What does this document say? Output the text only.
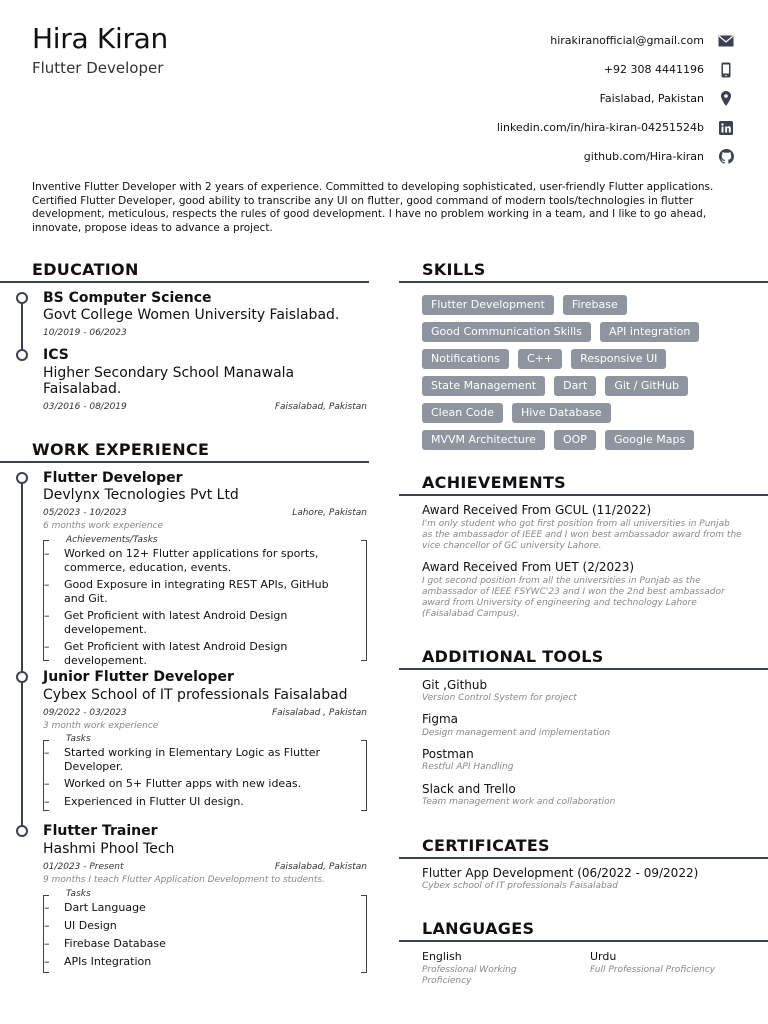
Hira Kiran
Flutter Developer
hirakiranofficial@gmail.com
+92 308 4441196
Faislabad, Pakistan
linkedin.com/in/hira-kiran-04251524b
github.com/Hira-kiran
Inventive Flutter Developer with 2 years of experience. Committed to developing sophisticated, user-friendly Flutter applications. Certified Flutter Developer, good ability to transcribe any UI on flutter, good command of modern tools/technologies in flutter development, meticulous, respects the rules of good development. I have no problem working in a team, and I like to go ahead, innovate, propose ideas to advance a project.
EDUCATION
BS Computer Science
Govt College Women University Faislabad.
10/2019 - 06/2023
ICS
Higher Secondary School Manawala Faisalabad.
03/2016 - 08/2019	Faisalabad, Pakistan
WORK EXPERIENCE
Flutter Developer
Devlynx Tecnologies Pvt Ltd
05/2023 - 10/2023	Lahore, Pakistan
6 months work experience
Achievements/Tasks
–	Worked on 12+ Flutter applications for sports, commerce, education, events.
–	Good Exposure in integrating REST APIs, GitHub and Git.
–	Get Proficient with latest Android Design developement.
–	Get Proficient with latest Android Design developement.
Junior Flutter Developer
Cybex School of IT professionals Faisalabad
09/2022 - 03/2023	Faisalabad , Pakistan
3 month work experience
Tasks
–	Started working in Elementary Logic as Flutter Developer.
–	Worked on 5+ Flutter apps with new ideas.
–	Experienced in Flutter UI design.
Flutter Trainer
Hashmi Phool Tech
01/2023 - Present	Faisalabad, Pakistan
9 months I teach Flutter Application Development to students.
Tasks
–	Dart Language
–	UI Design
–	Firebase Database
–	APIs Integration
SKILLS
Flutter Development Firebase
Good Communication Skills API integration
Notifications C++ Responsive UI
State Management Dart Git / GitHub
Clean Code Hive Database
MVVM Architecture OOP Google Maps
ACHIEVEMENTS
Award Received From GCUL (11/2022)
I'm only student who got first position from all universities in Punjab as the ambassador of IEEE and I won best ambassador award from the vice chancellor of GC university Lahore.
Award Received From UET (2/2023)
I got second position from all the universities in Punjab as the ambassador of IEEE FSYWC'23 and I won the 2nd best ambassador award from University of engineering and technology Lahore (Faisalabad Campus).
ADDITIONAL TOOLS
Git ,Github
Version Control System for project
Figma
Design management and implementation
Postman
Restful API Handling
Slack and Trello
Team management work and collaboration
CERTIFICATES
Flutter App Development (06/2022 - 09/2022)
Cybex school of IT professionals Faisalabad
LANGUAGES
English
Professional Working Proficiency
Urdu
Full Professional Proficiency
